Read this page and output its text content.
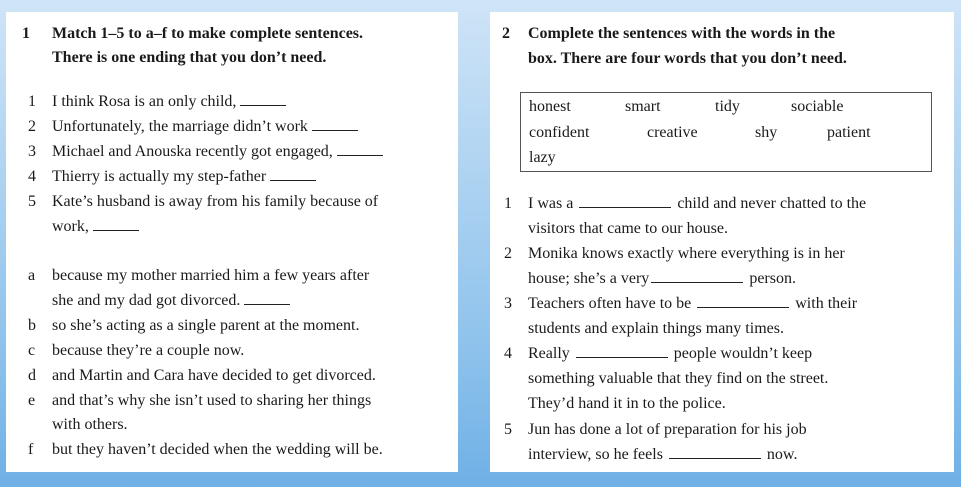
1 Match 1–5 to a–f to make complete sentences.
There is one ending that you don’t need.
1 I think Rosa is an only child,
2 Unfortunately, the marriage didn’t work
3 Michael and Anouska recently got engaged,
4 Thierry is actually my step-father
5 Kate’s husband is away from his family because of
work,
a because my mother married him a few years after
she and my dad got divorced.
b so she’s acting as a single parent at the moment.
c because they’re a couple now.
d and Martin and Cara have decided to get divorced.
e and that’s why she isn’t used to sharing her things
with others.
f but they haven’t decided when the wedding will be.
2 Complete the sentences with the words in the
box. There are four words that you don’t need.
honest	smart	tidy	sociable
confident	creative	shy	patient
lazy
1 I was a	child and never chatted to the
visitors that came to our house.
2 Monika knows exactly where everything is in her
house; she’s a very	person.
3 Teachers often have to be	with their
students and explain things many times.
4 Really	people wouldn’t keep
something valuable that they find on the street.
They’d hand it in to the police.
5 Jun has done a lot of preparation for his job
interview, so he feels	now.
